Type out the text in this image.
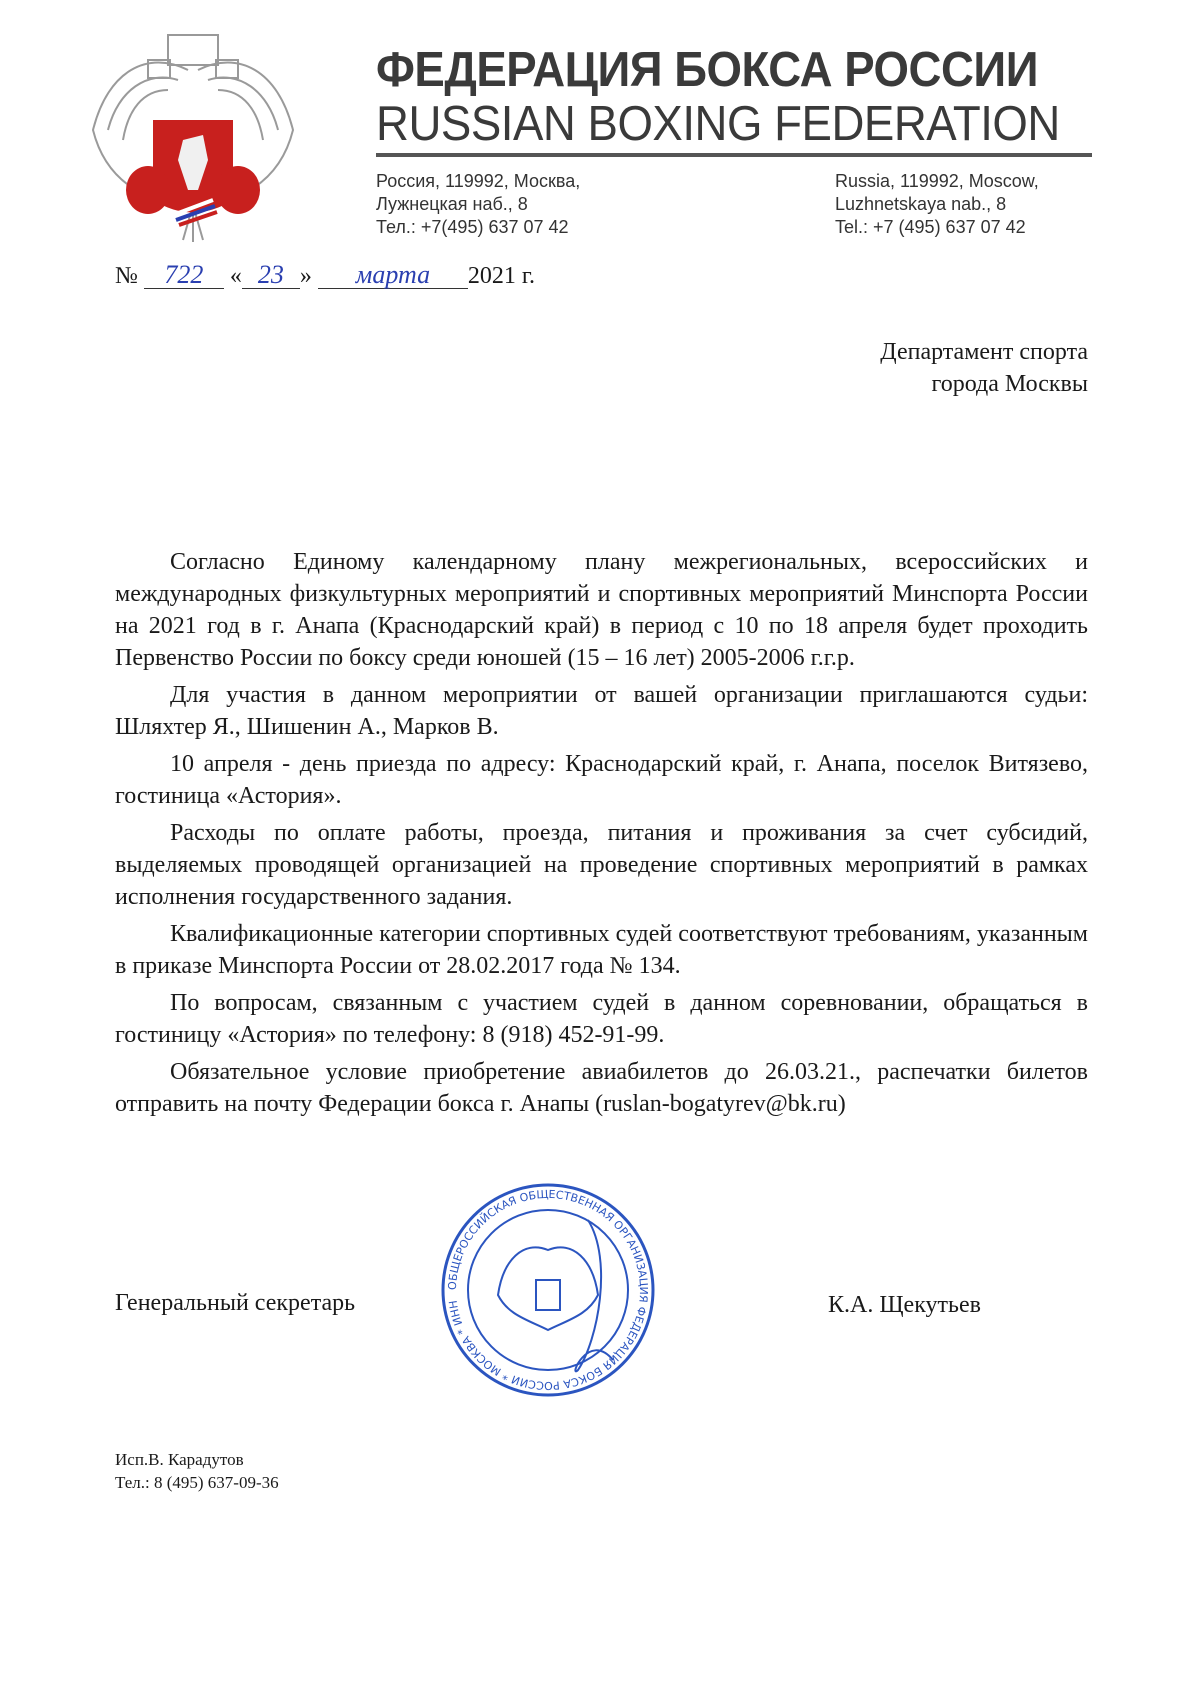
ФЕДЕРАЦИЯ БОКСА РОССИИ
RUSSIAN BOXING FEDERATION
Россия, 119992, Москва,
Лужнецкая наб., 8
Тел.: +7(495) 637 07 42
Russia, 119992, Moscow,
Luzhnetskaya nab., 8
Tel.: +7 (495) 637 07 42
№ 722 « 23 » марта 2021 г.
Департамент спорта
города Москвы

Согласно Единому календарному плану межрегиональных, всероссийских и международных физкультурных мероприятий и спортивных мероприятий Минспорта России на 2021 год в г. Анапа (Краснодарский край) в период с 10 по 18 апреля будет проходить Первенство России по боксу среди юношей (15 – 16 лет) 2005-2006 г.г.р.

Для участия в данном мероприятии от вашей организации приглашаются судьи: Шляхтер Я., Шишенин А., Марков В.

10 апреля - день приезда по адресу: Краснодарский край, г. Анапа, поселок Витязево, гостиница «Астория».

Расходы по оплате работы, проезда, питания и проживания за счет субсидий, выделяемых проводящей организацией на проведение спортивных мероприятий в рамках исполнения государственного задания.

Квалификационные категории спортивных судей соответствуют требованиям, указанным в приказе Минспорта России от 28.02.2017 года № 134.

По вопросам, связанным с участием судей в данном соревновании, обращаться в гостиницу «Астория» по телефону: 8 (918) 452-91-99.

Обязательное условие приобретение авиабилетов до 26.03.21., распечатки билетов отправить на почту Федерации бокса г. Анапы (ruslan-bogatyrev@bk.ru)

Генеральный секретарь
ОБЩЕРОССИЙСКАЯ ОБЩЕСТВЕННАЯ ОРГАНИЗАЦИЯ ФЕДЕРАЦИЯ БОКСА РОССИИ * МОСКВА * ИНН	К.А. Щекутьев
Исп.В. Карадутов
Тел.: 8 (495) 637-09-36
